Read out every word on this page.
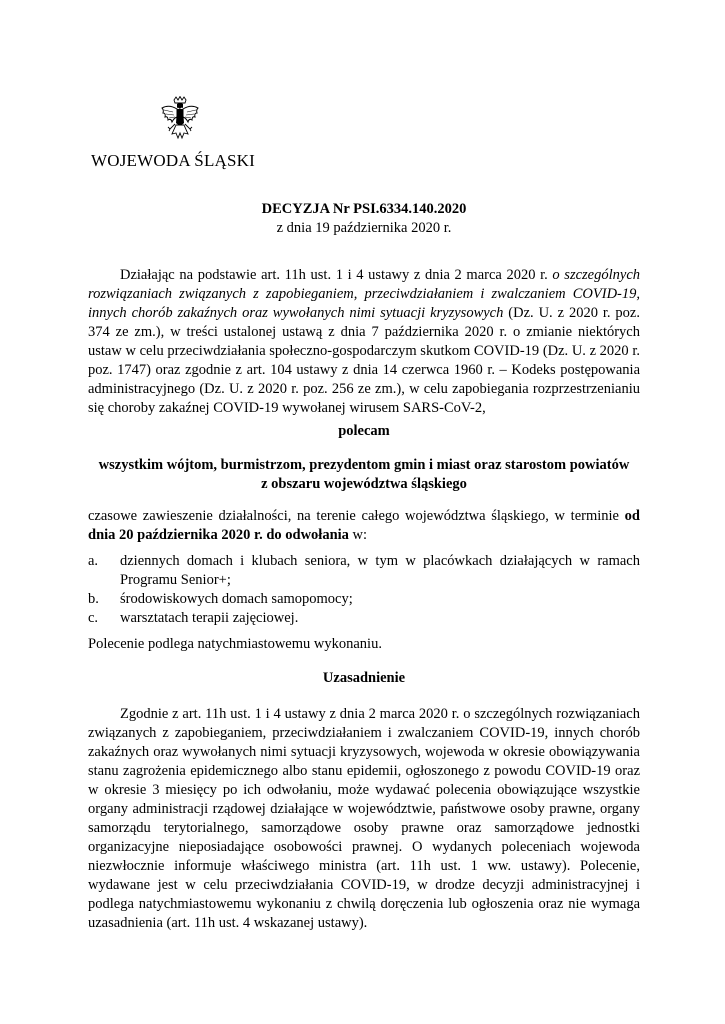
WOJEWODA ŚLĄSKI
DECYZJA Nr PSI.6334.140.2020
z dnia 19 października 2020 r.
Działając na podstawie art. 11h ust. 1 i 4 ustawy z dnia 2 marca 2020 r. o szczególnych rozwiązaniach związanych z zapobieganiem, przeciwdziałaniem i zwalczaniem COVID-19, innych chorób zakaźnych oraz wywołanych nimi sytuacji kryzysowych (Dz. U. z 2020 r. poz. 374 ze zm.), w treści ustalonej ustawą z dnia 7 października 2020 r. o zmianie niektórych ustaw w celu przeciwdziałania społeczno-gospodarczym skutkom COVID-19 (Dz. U. z 2020 r. poz. 1747) oraz zgodnie z art. 104 ustawy z dnia 14 czerwca 1960 r. – Kodeks postępowania administracyjnego (Dz. U. z 2020 r. poz. 256 ze zm.), w celu zapobiegania rozprzestrzenianiu się choroby zakaźnej COVID-19 wywołanej wirusem SARS-CoV-2,
polecam
wszystkim wójtom, burmistrzom, prezydentom gmin i miast oraz starostom powiatów
z obszaru województwa śląskiego
czasowe zawieszenie działalności, na terenie całego województwa śląskiego, w terminie od dnia 20 października 2020 r. do odwołania w:
a. dziennych domach i klubach seniora, w tym w placówkach działających w ramach Programu Senior+;
b. środowiskowych domach samopomocy;
c. warsztatach terapii zajęciowej.
Polecenie podlega natychmiastowemu wykonaniu.
Uzasadnienie
Zgodnie z art. 11h ust. 1 i 4 ustawy z dnia 2 marca 2020 r. o szczególnych rozwiązaniach związanych z zapobieganiem, przeciwdziałaniem i zwalczaniem COVID-19, innych chorób zakaźnych oraz wywołanych nimi sytuacji kryzysowych, wojewoda w okresie obowiązywania stanu zagrożenia epidemicznego albo stanu epidemii, ogłoszonego z powodu COVID-19 oraz w okresie 3 miesięcy po ich odwołaniu, może wydawać polecenia obowiązujące wszystkie organy administracji rządowej działające w województwie, państwowe osoby prawne, organy samorządu terytorialnego, samorządowe osoby prawne oraz samorządowe jednostki organizacyjne nieposiadające osobowości prawnej. O wydanych poleceniach wojewoda niezwłocznie informuje właściwego ministra (art. 11h ust. 1 ww. ustawy). Polecenie, wydawane jest w celu przeciwdziałania COVID-19, w drodze decyzji administracyjnej i podlega natychmiastowemu wykonaniu z chwilą doręczenia lub ogłoszenia oraz nie wymaga uzasadnienia (art. 11h ust. 4 wskazanej ustawy).
